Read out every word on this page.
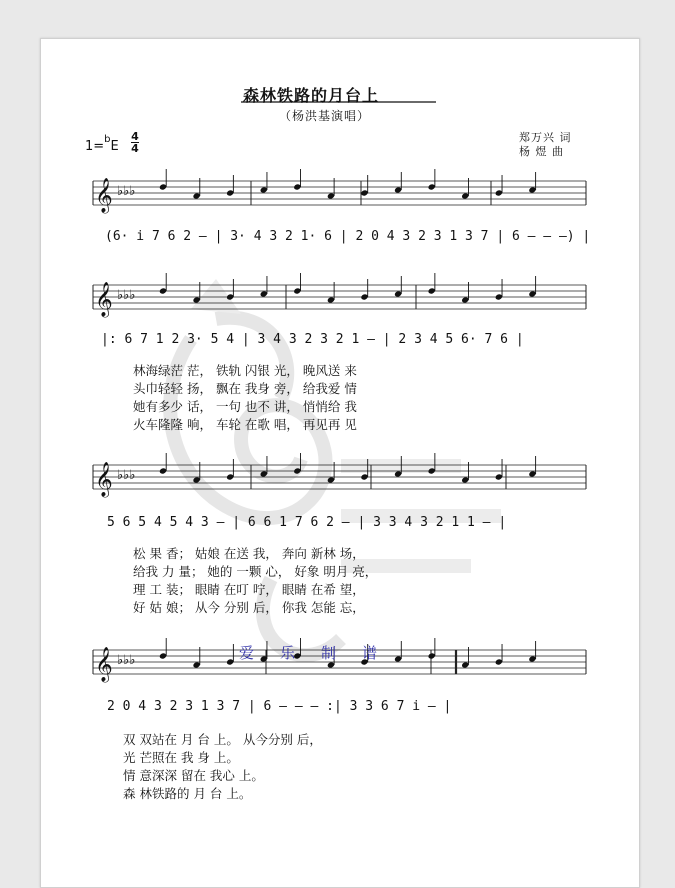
森林铁路的月台上
（杨洪基演唱）
郑万兴 词
杨 煜 曲
1=$^b$E
4
4
𝄞 ♭♭♭
𝄞 ♭♭♭
𝄞 ♭♭♭
𝄞 ♭♭♭	爱乐制谱
(6· i 7 6 2 – | 3· 4 3 2 1· 6 | 2 0 4 3 2 3 1 3 7 | 6 – – –) |
|: 6 7 1 2 3· 5 4 | 3 4 3 2 3 2 1 – | 2 3 4 5 6· 7 6 |
5 6 5 4 5 4 3 – | 6 6 1 7 6 2 – | 3 3 4 3 2 1 1 – |
2 0 4 3 2 3 1 3 7 | 6 – – – :| 3 3 6 7 i – |
林海绿茫 茫， 铁轨 闪银 光， 晚风送 来
头巾轻轻 扬， 飘在 我身 旁， 给我爱 情
她有多少 话， 一句 也不 讲， 悄悄给 我
火车隆隆 响， 车轮 在歌 唱， 再见再 见
松 果 香； 姑娘 在送 我， 奔向 新林 场，
给我 力 量； 她的 一颗 心， 好象 明月 亮，
理 工 装； 眼睛 在叮 咛， 眼睛 在希 望，
好 姑 娘； 从今 分别 后， 你我 怎能 忘，
双 双站在 月 台 上。 从今分别 后，
光 芒照在 我 身 上。
情 意深深 留在 我心 上。
森 林铁路的 月 台 上。
